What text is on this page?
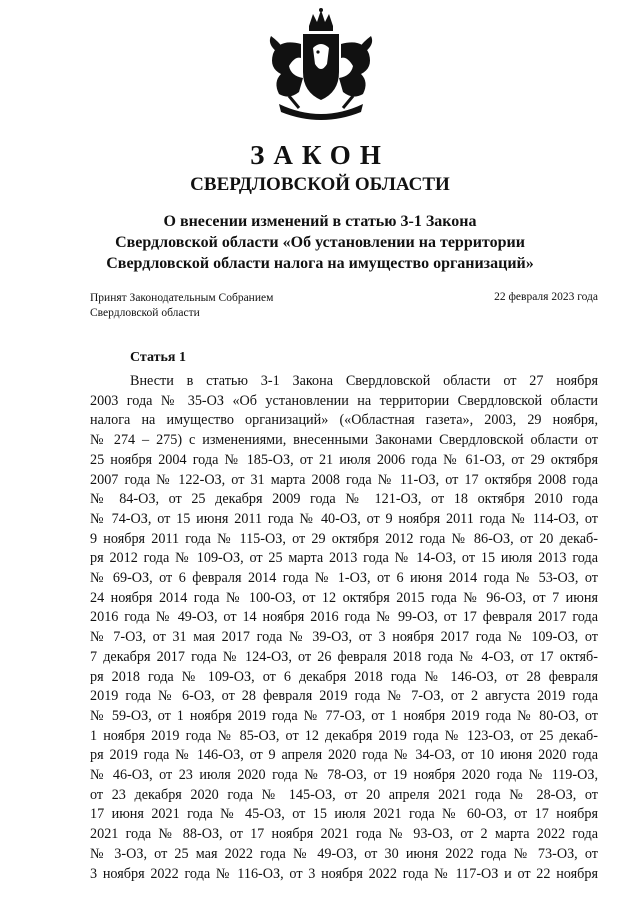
ЗАКОН
СВЕРДЛОВСКОЙ ОБЛАСТИ
О внесении изменений в статью 3-1 Закона
Свердловской области «Об установлении на территории
Свердловской области налога на имущество организаций»
Принят Законодательным Собранием
Свердловской области
22 февраля 2023 года
Статья 1
Внести в статью 3-1 Закона Свердловской области от 27 ноября
2003 года № 35-ОЗ «Об установлении на территории Свердловской области
налога на имущество организаций» («Областная газета», 2003, 29 ноября,
№ 274 – 275) с изменениями, внесенными Законами Свердловской области от
25 ноября 2004 года № 185-ОЗ, от 21 июля 2006 года № 61-ОЗ, от 29 октября
2007 года № 122-ОЗ, от 31 марта 2008 года № 11-ОЗ, от 17 октября 2008 года
№ 84-ОЗ, от 25 декабря 2009 года № 121-ОЗ, от 18 октября 2010 года
№ 74-ОЗ, от 15 июня 2011 года № 40-ОЗ, от 9 ноября 2011 года № 114-ОЗ, от
9 ноября 2011 года № 115-ОЗ, от 29 октября 2012 года № 86-ОЗ, от 20 декаб-
ря 2012 года № 109-ОЗ, от 25 марта 2013 года № 14-ОЗ, от 15 июля 2013 года
№ 69-ОЗ, от 6 февраля 2014 года № 1-ОЗ, от 6 июня 2014 года № 53-ОЗ, от
24 ноября 2014 года № 100-ОЗ, от 12 октября 2015 года № 96-ОЗ, от 7 июня
2016 года № 49-ОЗ, от 14 ноября 2016 года № 99-ОЗ, от 17 февраля 2017 года
№ 7-ОЗ, от 31 мая 2017 года № 39-ОЗ, от 3 ноября 2017 года № 109-ОЗ, от
7 декабря 2017 года № 124-ОЗ, от 26 февраля 2018 года № 4-ОЗ, от 17 октяб-
ря 2018 года № 109-ОЗ, от 6 декабря 2018 года № 146-ОЗ, от 28 февраля
2019 года № 6-ОЗ, от 28 февраля 2019 года № 7-ОЗ, от 2 августа 2019 года
№ 59-ОЗ, от 1 ноября 2019 года № 77-ОЗ, от 1 ноября 2019 года № 80-ОЗ, от
1 ноября 2019 года № 85-ОЗ, от 12 декабря 2019 года № 123-ОЗ, от 25 декаб-
ря 2019 года № 146-ОЗ, от 9 апреля 2020 года № 34-ОЗ, от 10 июня 2020 года
№ 46-ОЗ, от 23 июля 2020 года № 78-ОЗ, от 19 ноября 2020 года № 119-ОЗ,
от 23 декабря 2020 года № 145-ОЗ, от 20 апреля 2021 года № 28-ОЗ, от
17 июня 2021 года № 45-ОЗ, от 15 июля 2021 года № 60-ОЗ, от 17 ноября
2021 года № 88-ОЗ, от 17 ноября 2021 года № 93-ОЗ, от 2 марта 2022 года
№ 3-ОЗ, от 25 мая 2022 года № 49-ОЗ, от 30 июня 2022 года № 73-ОЗ, от
3 ноября 2022 года № 116-ОЗ, от 3 ноября 2022 года № 117-ОЗ и от 22 ноября
